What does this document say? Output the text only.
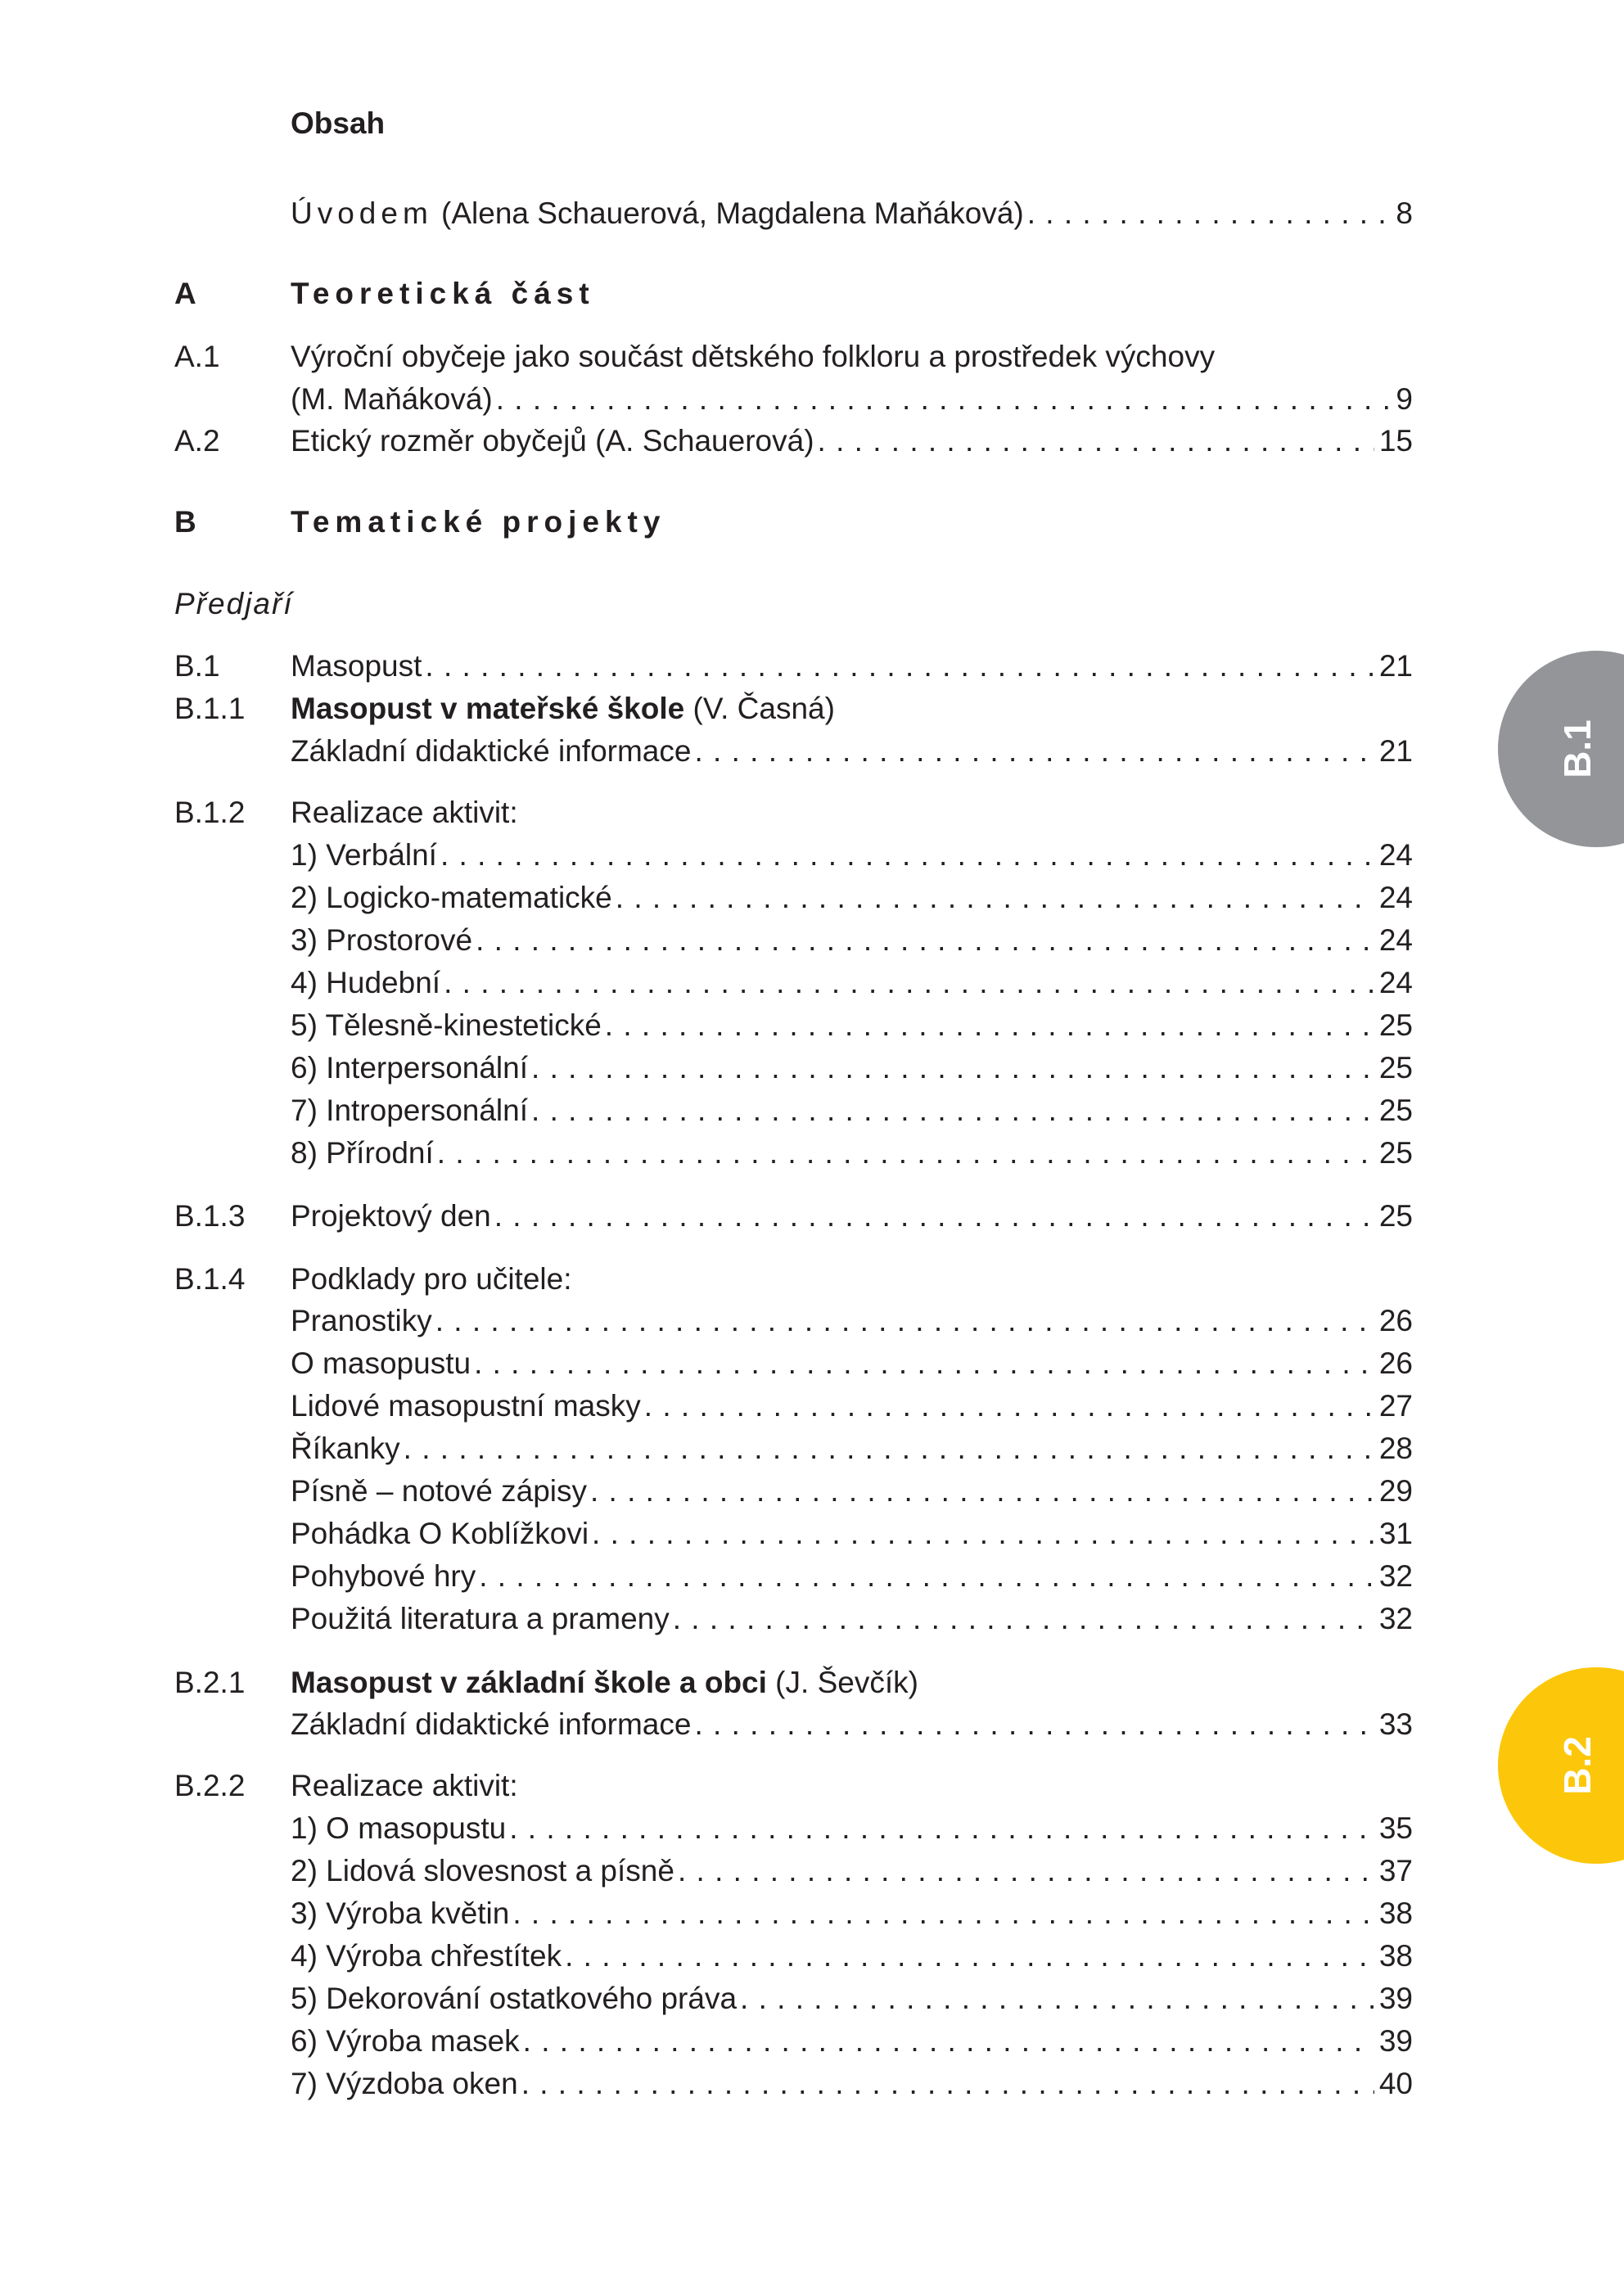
Obsah
Úvodem (Alena Schauerová, Magdalena Maňáková) . . .	8
A	Teoretická část
A.1 Výroční obyčeje jako součást dětského folkloru a prostředek výchovy
(M. Maňáková) . . .	9
A.2 Etický rozměr obyčejů (A. Schauerová) . . .	15
B	Tematické projekty
Předjaří
B.1 Masopust . . .	21
B.1.1 Masopust v mateřské škole (V. Časná)
Základní didaktické informace . . .	21
B.1.2 Realizace aktivit:
1) Verbální . . .	24
2) Logicko-matematické . . .	24
3) Prostorové . . .	24
4) Hudební . . .	24
5) Tělesně-kinestetické . . .	25
6) Interpersonální . . .	25
7) Intropersonální . . .	25
8) Přírodní . . .	25
B.1.3 Projektový den . . .	25
B.1.4 Podklady pro učitele:
Pranostiky . . .	26
O masopustu . . .	26
Lidové masopustní masky . . .	27
Říkanky . . .	28
Písně – notové zápisy . . .	29
Pohádka O Koblížkovi . . .	31
Pohybové hry . . .	32
Použitá literatura a prameny . . .	32
B.2.1 Masopust v základní škole a obci (J. Ševčík)
Základní didaktické informace . . .	33
B.2.2 Realizace aktivit:
1) O masopustu . . .	35
2) Lidová slovesnost a písně . . .	37
3) Výroba květin . . .	38
4) Výroba chřestítek . . .	38
5) Dekorování ostatkového práva . . .	39
6) Výroba masek . . .	39
7) Výzdoba oken . . .	40
B.1
B.2
